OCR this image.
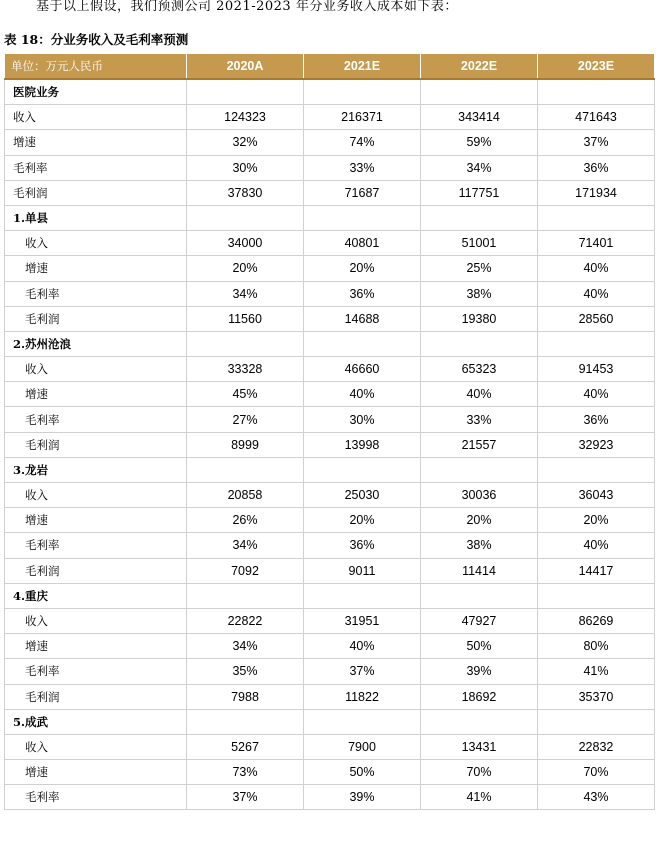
基于以上假设，我们预测公司 2021-2023 年分业务收入成本如下表：
表 18：分业务收入及毛利率预测
单位：万元人民币	2020A	2021E	2022E	2023E
医院业务				
收入	124323	216371	343414	471643
增速	32%	74%	59%	37%
毛利率	30%	33%	34%	36%
毛利润	37830	71687	117751	171934
1.单县				
收入	34000	40801	51001	71401
增速	20%	20%	25%	40%
毛利率	34%	36%	38%	40%
毛利润	11560	14688	19380	28560
2.苏州沧浪				
收入	33328	46660	65323	91453
增速	45%	40%	40%	40%
毛利率	27%	30%	33%	36%
毛利润	8999	13998	21557	32923
3.龙岩				
收入	20858	25030	30036	36043
增速	26%	20%	20%	20%
毛利率	34%	36%	38%	40%
毛利润	7092	9011	11414	14417
4.重庆				
收入	22822	31951	47927	86269
增速	34%	40%	50%	80%
毛利率	35%	37%	39%	41%
毛利润	7988	11822	18692	35370
5.成武				
收入	5267	7900	13431	22832
增速	73%	50%	70%	70%
毛利率	37%	39%	41%	43%
